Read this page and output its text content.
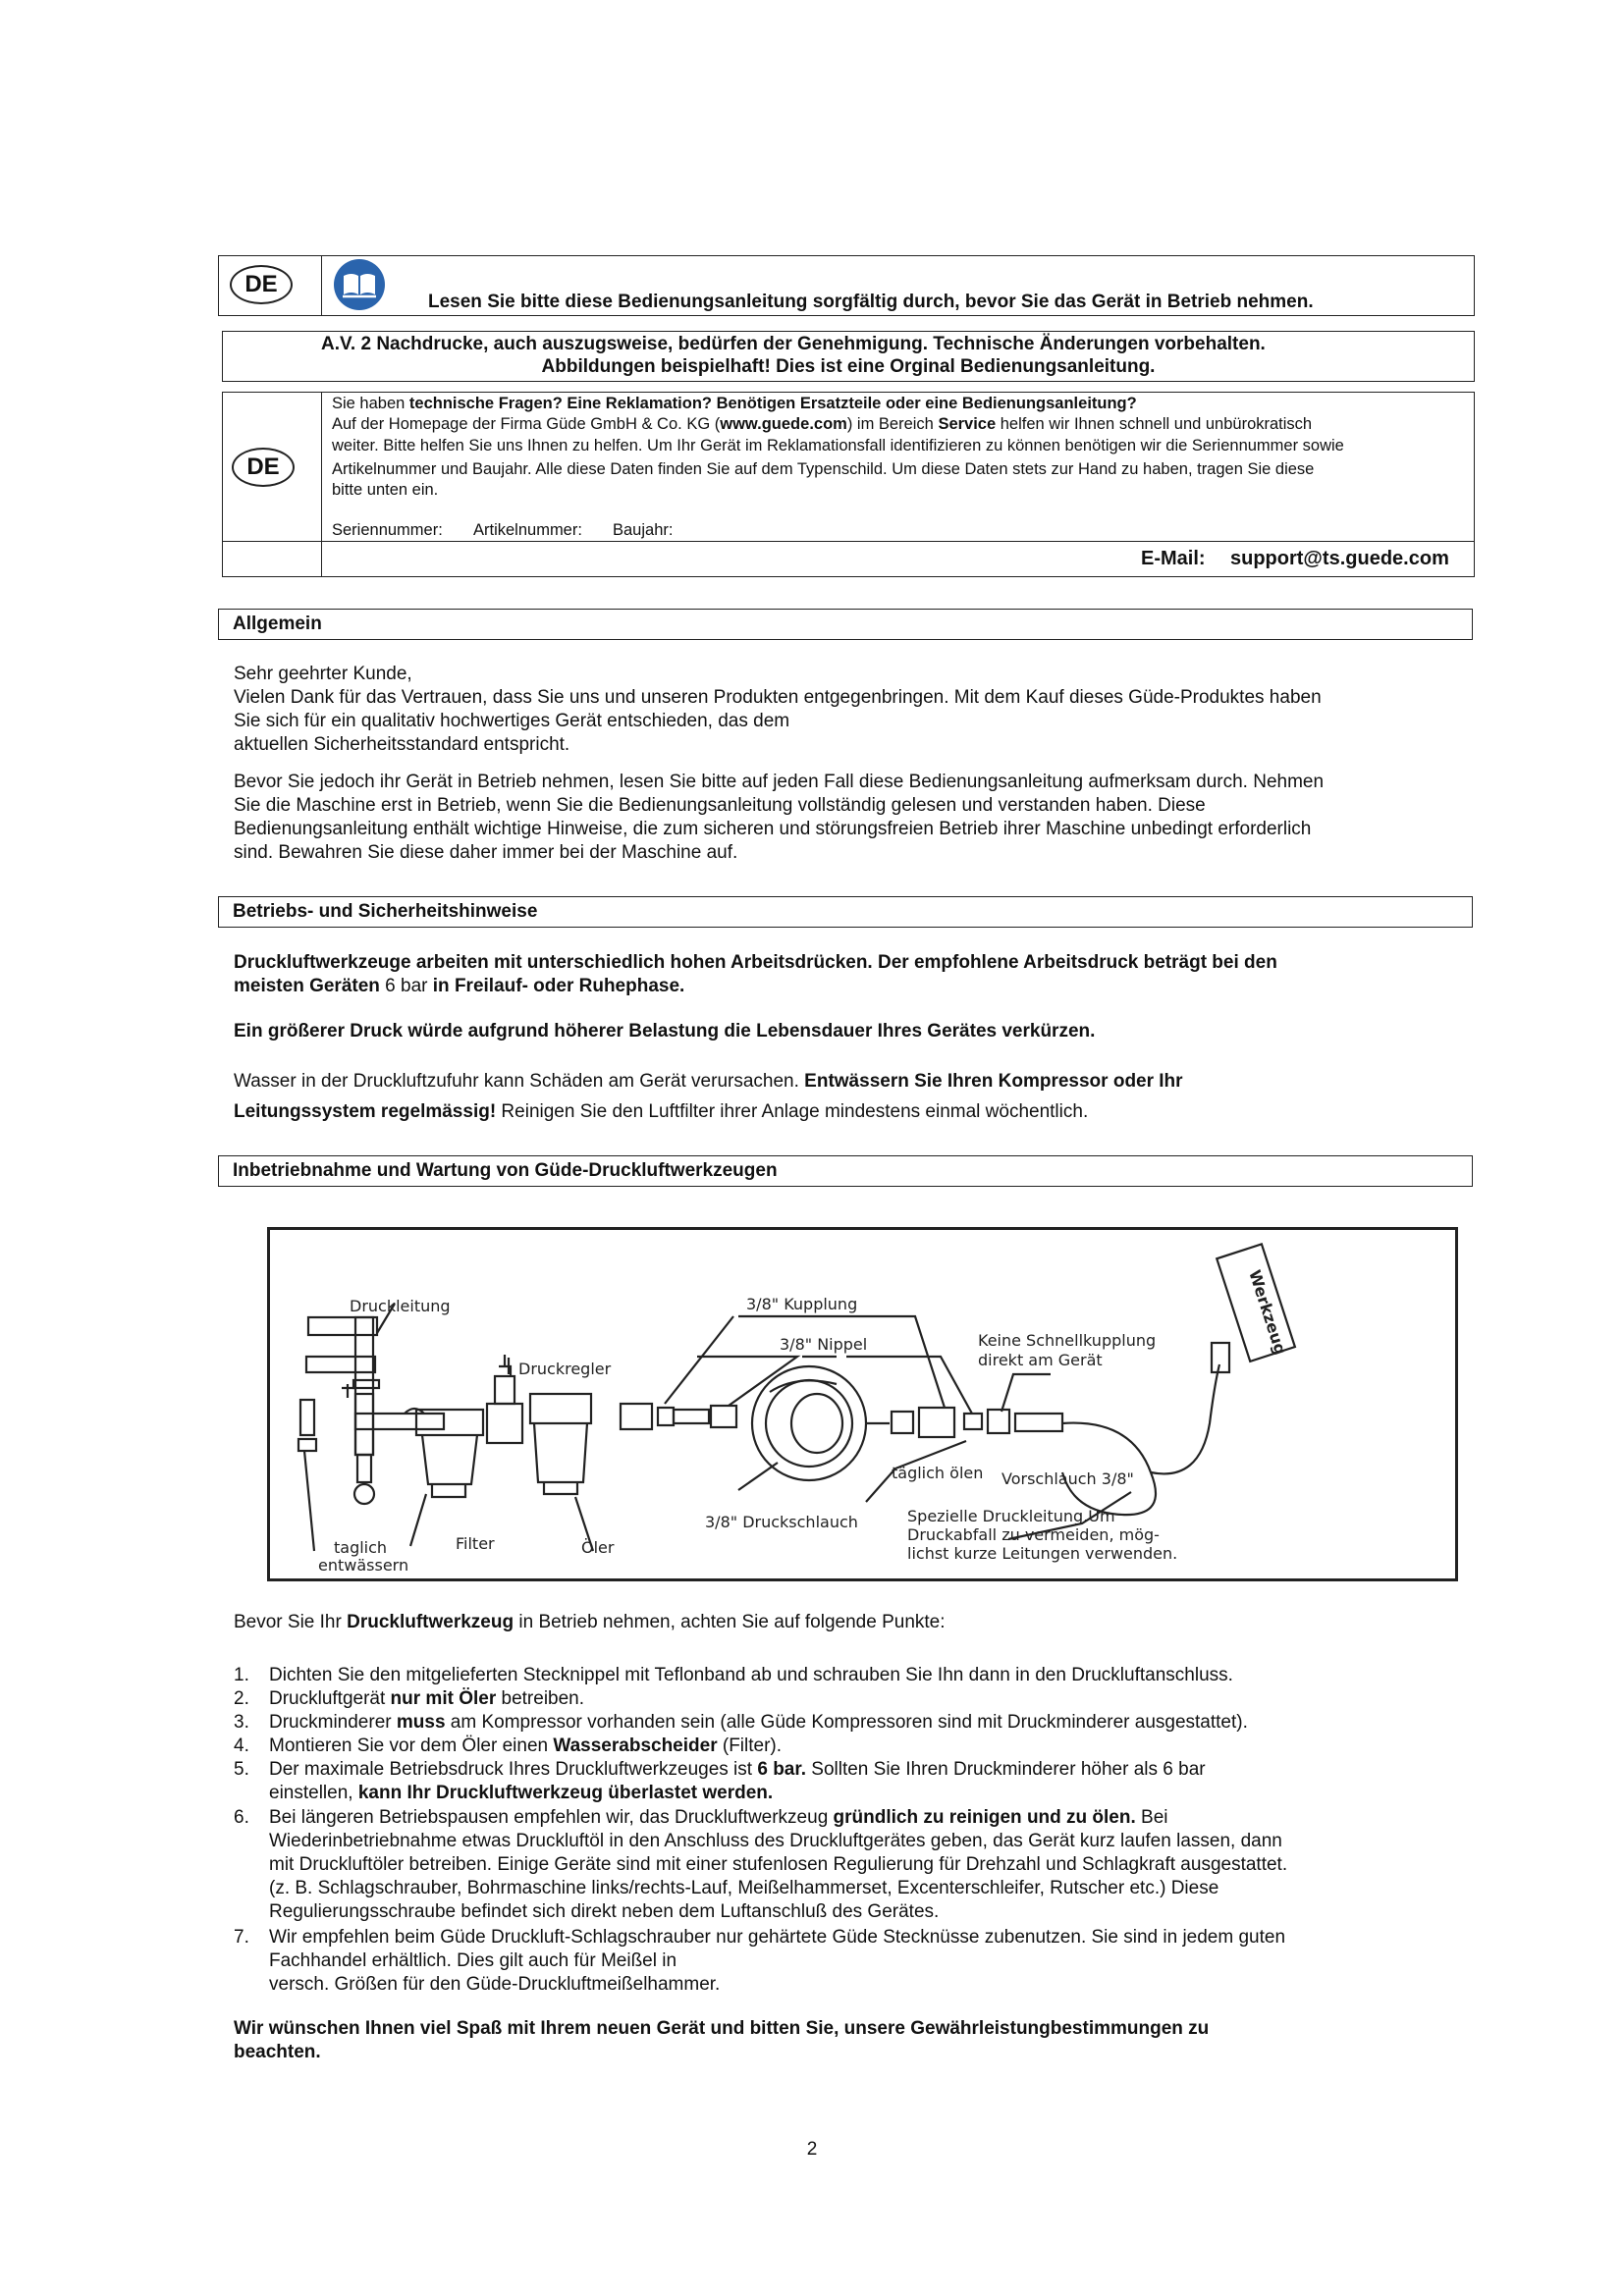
DE
Lesen Sie bitte diese Bedienungsanleitung sorgfältig durch, bevor Sie das Gerät in Betrieb nehmen.
A.V. 2 Nachdrucke, auch auszugsweise, bedürfen der Genehmigung. Technische Änderungen vorbehalten.
Abbildungen beispielhaft! Dies ist eine Orginal Bedienungsanleitung.
DE
Sie haben technische Fragen? Eine Reklamation? Benötigen Ersatzteile oder eine Bedienungsanleitung?
Auf der Homepage der Firma Güde GmbH & Co. KG (www.guede.com) im Bereich Service helfen wir Ihnen schnell und unbürokratisch
weiter. Bitte helfen Sie uns Ihnen zu helfen. Um Ihr Gerät im Reklamationsfall identifizieren zu können benötigen wir die Seriennummer sowie
Artikelnummer und Baujahr. Alle diese Daten finden Sie auf dem Typenschild. Um diese Daten stets zur Hand zu haben, tragen Sie diese
bitte unten ein.
Seriennummer: Artikelnummer: Baujahr:
E-Mail: support@ts.guede.com
Allgemein
Sehr geehrter Kunde,
Vielen Dank für das Vertrauen, dass Sie uns und unseren Produkten entgegenbringen. Mit dem Kauf dieses Güde-Produktes haben
Sie sich für ein qualitativ hochwertiges Gerät entschieden, das dem
aktuellen Sicherheitsstandard entspricht.
Bevor Sie jedoch ihr Gerät in Betrieb nehmen, lesen Sie bitte auf jeden Fall diese Bedienungsanleitung aufmerksam durch. Nehmen
Sie die Maschine erst in Betrieb, wenn Sie die Bedienungsanleitung vollständig gelesen und verstanden haben. Diese
Bedienungsanleitung enthält wichtige Hinweise, die zum sicheren und störungsfreien Betrieb ihrer Maschine unbedingt erforderlich
sind. Bewahren Sie diese daher immer bei der Maschine auf.
Betriebs- und Sicherheitshinweise
Druckluftwerkzeuge arbeiten mit unterschiedlich hohen Arbeitsdrücken. Der empfohlene Arbeitsdruck beträgt bei den
meisten Geräten 6 bar in Freilauf- oder Ruhephase.
Ein größerer Druck würde aufgrund höherer Belastung die Lebensdauer Ihres Gerätes verkürzen.
Wasser in der Druckluftzufuhr kann Schäden am Gerät verursachen. Entwässern Sie Ihren Kompressor oder Ihr
Leitungssystem regelmässig! Reinigen Sie den Luftfilter ihrer Anlage mindestens einmal wöchentlich.
Inbetriebnahme und Wartung von Güde-Druckluftwerkzeugen
Druckleitung
Druckregler
taglich
entwässern
Filter	Öler
3/8" Kupplung
3/8" Nippel
3/8" Druckschlauch
Keine Schnellkupplung
direkt am Gerät
täglich ölen Vorschlauch 3/8"
Spezielle Druckleitung.Um
Druckabfall zu vermeiden, mög-
lichst kurze Leitungen verwenden.
Werkzeug
Bevor Sie Ihr Druckluftwerkzeug in Betrieb nehmen, achten Sie auf folgende Punkte:
1.	Dichten Sie den mitgelieferten Stecknippel mit Teflonband ab und schrauben Sie Ihn dann in den Druckluftanschluss.
2.	Druckluftgerät nur mit Öler betreiben.
3.	Druckminderer muss am Kompressor vorhanden sein (alle Güde Kompressoren sind mit Druckminderer ausgestattet).
4.	Montieren Sie vor dem Öler einen Wasserabscheider (Filter).
5.	Der maximale Betriebsdruck Ihres Druckluftwerkzeuges ist 6 bar. Sollten Sie Ihren Druckminderer höher als 6 bar
einstellen, kann Ihr Druckluftwerkzeug überlastet werden.
6.	Bei längeren Betriebspausen empfehlen wir, das Druckluftwerkzeug gründlich zu reinigen und zu ölen. Bei
Wiederinbetriebnahme etwas Druckluftöl in den Anschluss des Druckluftgerätes geben, das Gerät kurz laufen lassen, dann
mit Druckluftöler betreiben. Einige Geräte sind mit einer stufenlosen Regulierung für Drehzahl und Schlagkraft ausgestattet.
(z. B. Schlagschrauber, Bohrmaschine links/rechts-Lauf, Meißelhammerset, Excenterschleifer, Rutscher etc.) Diese
Regulierungsschraube befindet sich direkt neben dem Luftanschluß des Gerätes.
7.	Wir empfehlen beim Güde Druckluft-Schlagschrauber nur gehärtete Güde Stecknüsse zubenutzen. Sie sind in jedem guten
Fachhandel erhältlich. Dies gilt auch für Meißel in
versch. Größen für den Güde-Druckluftmeißelhammer.
Wir wünschen Ihnen viel Spaß mit Ihrem neuen Gerät und bitten Sie, unsere Gewährleistungbestimmungen zu
beachten.
2
